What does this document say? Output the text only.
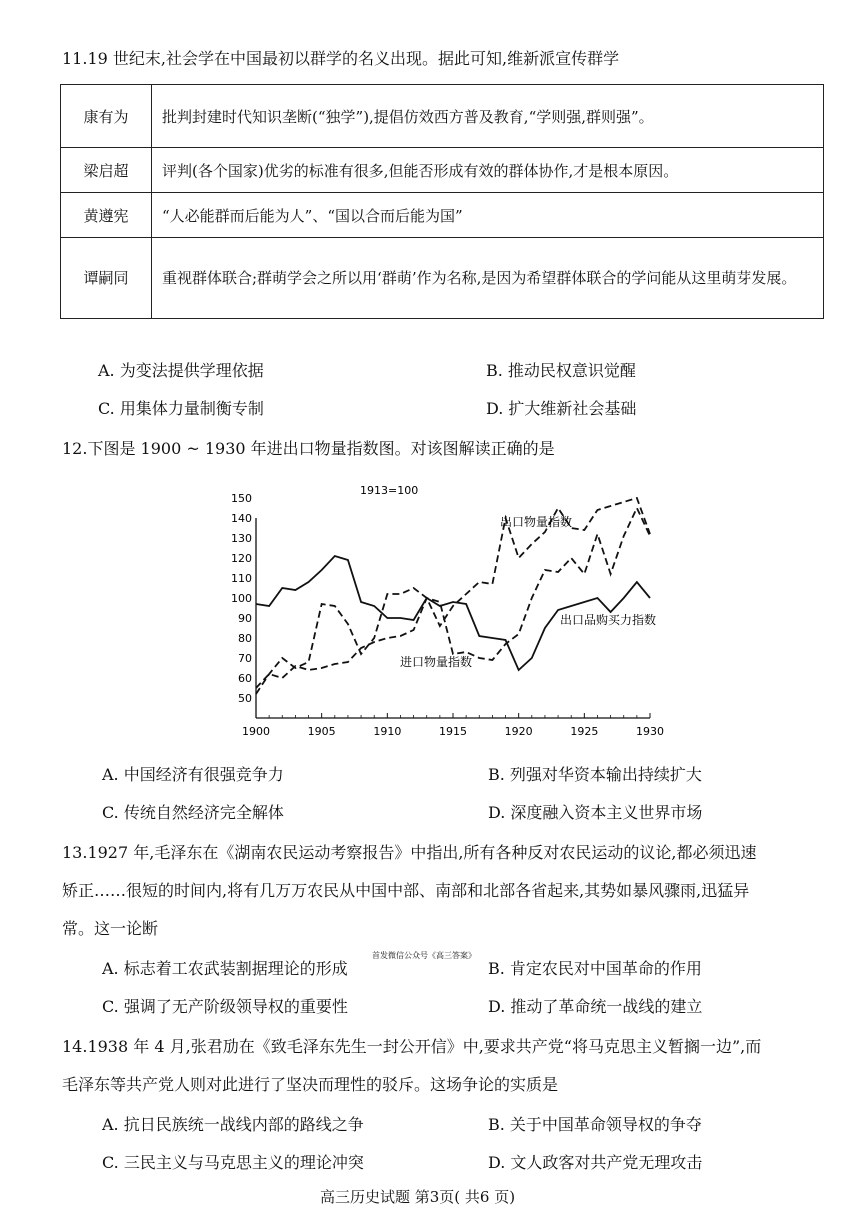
11.19 世纪末,社会学在中国最初以群学的名义出现。据此可知,维新派宣传群学
康有为	批判封建时代知识垄断(“独学”),提倡仿效西方普及教育,“学则强,群则强”。
梁启超	评判(各个国家)优劣的标准有很多,但能否形成有效的群体协作,才是根本原因。
黄遵宪	“人必能群而后能为人”、“国以合而后能为国”
谭嗣同	重视群体联合;群萌学会之所以用‘群萌’作为名称,是因为希望群体联合的学问能从这里萌芽发展。
A. 为变法提供学理依据	B. 推动民权意识觉醒
C. 用集体力量制衡专制	D. 扩大维新社会基础
12.下图是 1900 ~ 1930 年进出口物量指数图。对该图解读正确的是
1900	1905	1910	1915	1920	1925	1930
50
60
70
80
90
100
110
120
130
140
150
1913=100
出口物量指数
进口物量指数
出口品购买力指数
A. 中国经济有很强竞争力	B. 列强对华资本输出持续扩大
C. 传统自然经济完全解体	D. 深度融入资本主义世界市场
13.1927 年,毛泽东在《湖南农民运动考察报告》中指出,所有各种反对农民运动的议论,都必须迅速
矫正……很短的时间内,将有几万万农民从中国中部、南部和北部各省起来,其势如暴风骤雨,迅猛异
常。这一论断
首发微信公众号《高三答案》
A. 标志着工农武装割据理论的形成	B. 肯定农民对中国革命的作用
C. 强调了无产阶级领导权的重要性	D. 推动了革命统一战线的建立
14.1938 年 4 月,张君劢在《致毛泽东先生一封公开信》中,要求共产党“将马克思主义暂搁一边”,而
毛泽东等共产党人则对此进行了坚决而理性的驳斥。这场争论的实质是
A. 抗日民族统一战线内部的路线之争	B. 关于中国革命领导权的争夺
C. 三民主义与马克思主义的理论冲突	D. 文人政客对共产党无理攻击
高三历史试题 第3页( 共6 页)
